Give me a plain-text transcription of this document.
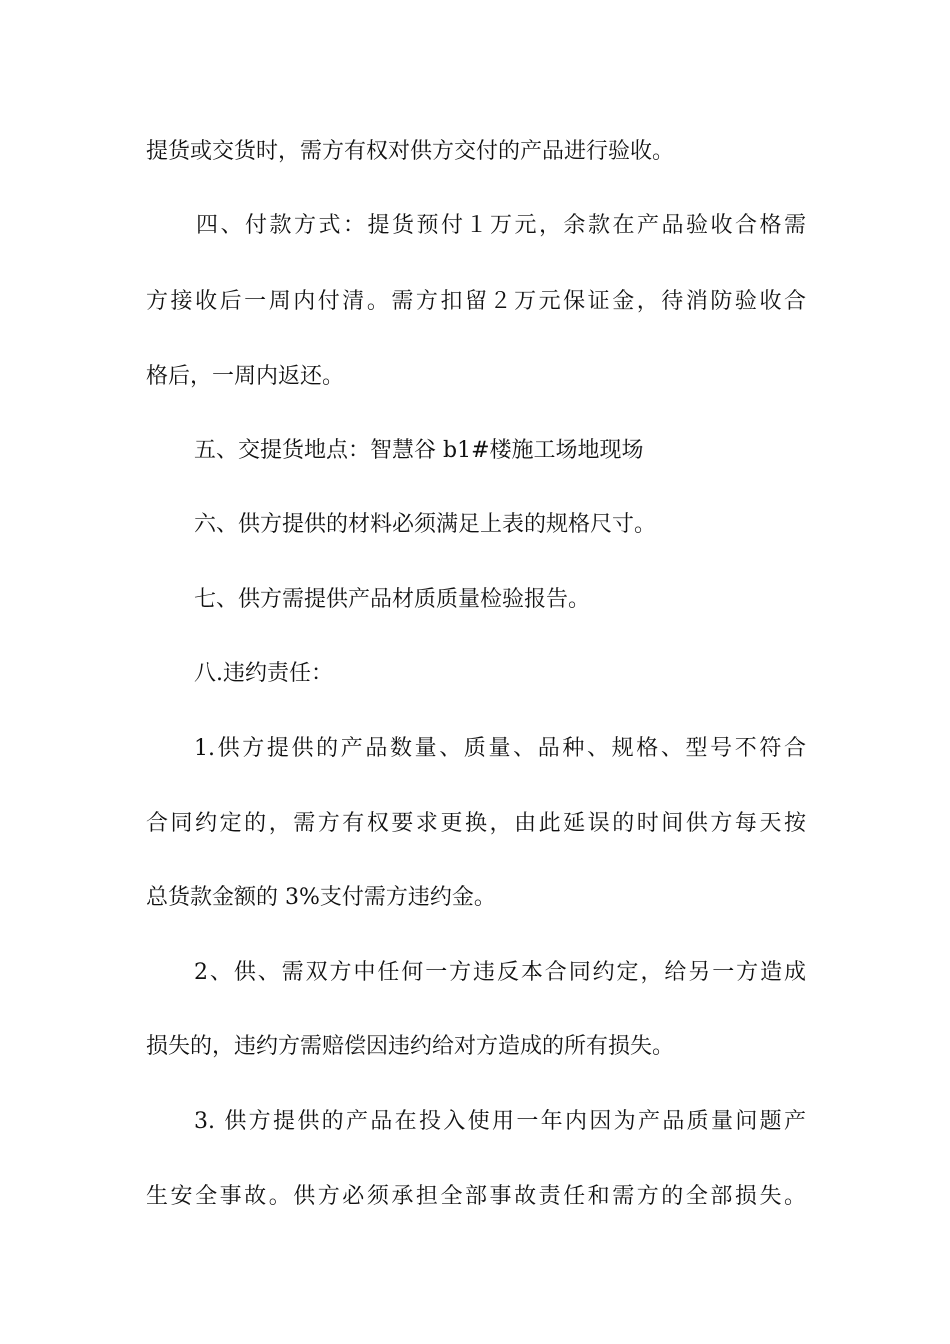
提货或交货时，需方有权对供方交付的产品进行验收。
四、付款方式：提货预付１万元，余款在产品验收合格需
方接收后一周内付清。需方扣留２万元保证金，待消防验收合
格后，一周内返还。
五、交提货地点：智慧谷 b1#楼施工场地现场
六、供方提供的材料必须满足上表的规格尺寸。
七、供方需提供产品材质质量检验报告。
八.违约责任：
1.供方提供的产品数量、质量、品种、规格、型号不符合
合同约定的，需方有权要求更换，由此延误的时间供方每天按
总货款金额的 3%支付需方违约金。
2、供、需双方中任何一方违反本合同约定，给另一方造成
损失的，违约方需赔偿因违约给对方造成的所有损失。
3. 供方提供的产品在投入使用一年内因为产品质量问题产
生安全事故。供方必须承担全部事故责任和需方的全部损失。
